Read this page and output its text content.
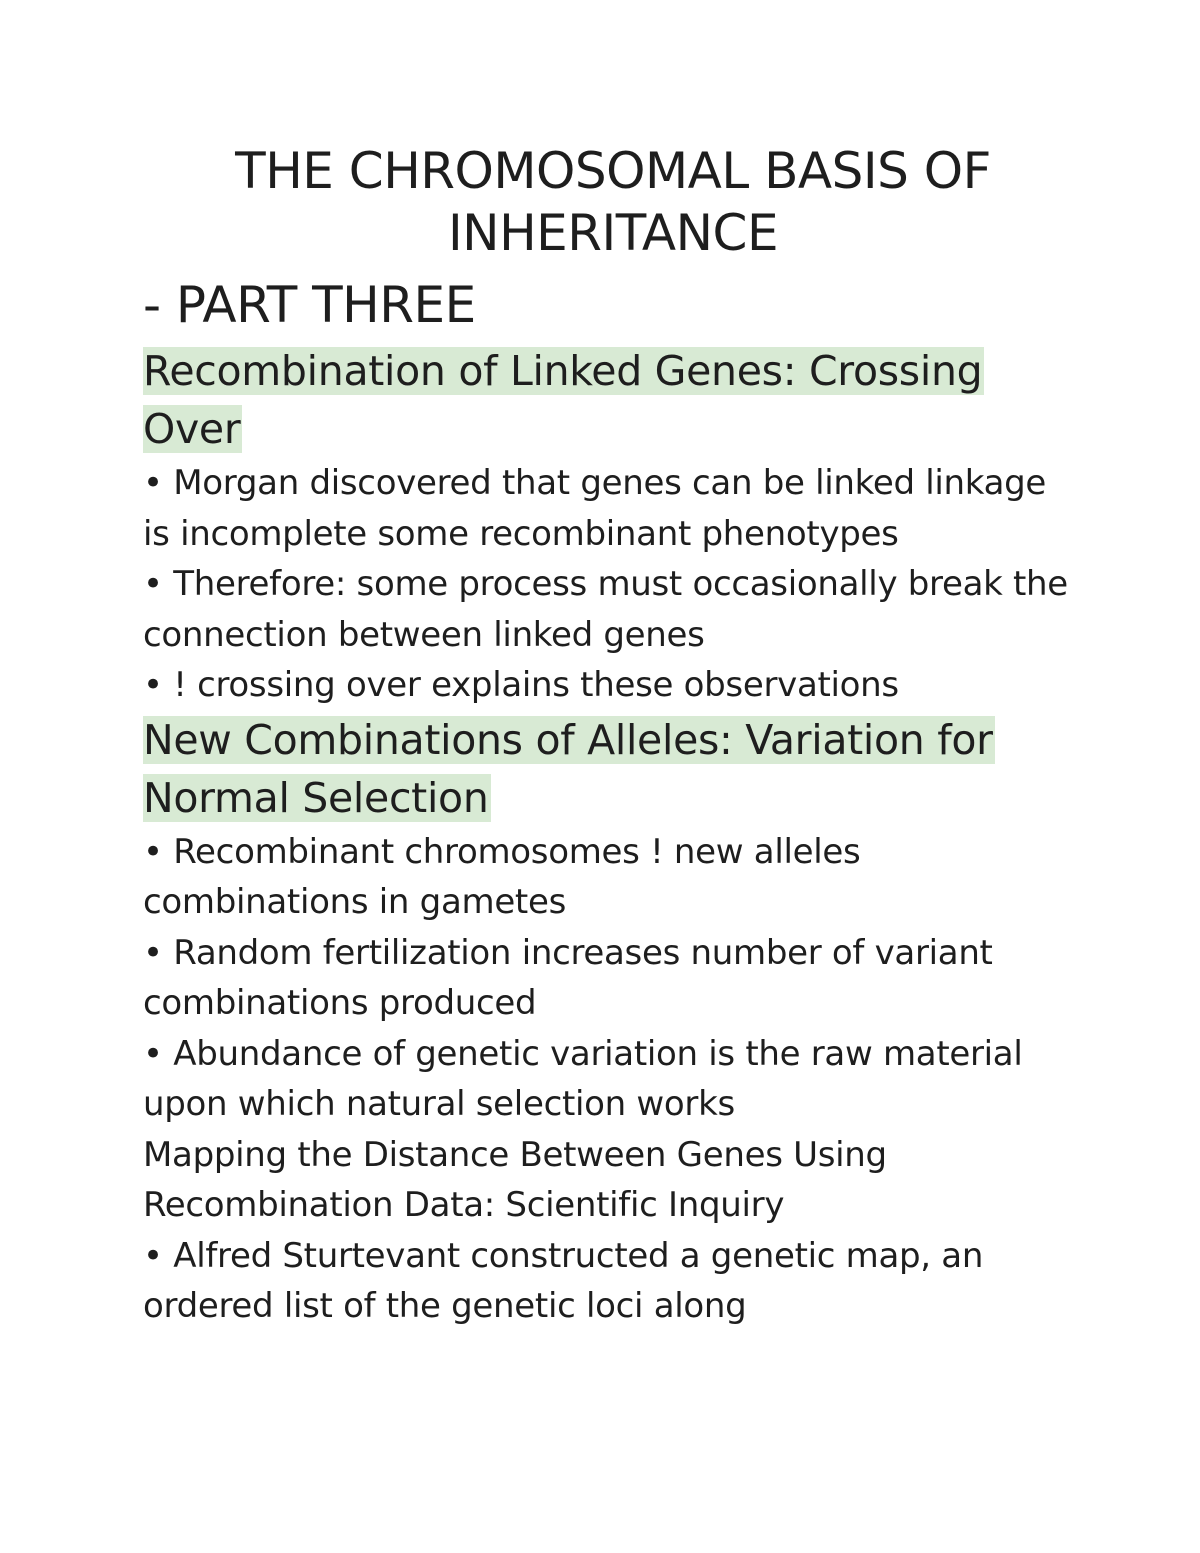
THE CHROMOSOMAL BASIS OF
INHERITANCE
- PART THREE
Recombination of Linked Genes: Crossing Over

• Morgan discovered that genes can be linked linkage is incomplete some recombinant phenotypes

• Therefore: some process must occasionally break the connection between linked genes

• ! crossing over explains these observations

New Combinations of Alleles: Variation for Normal Selection

• Recombinant chromosomes ! new alleles combinations in gametes

• Random fertilization increases number of variant combinations produced

• Abundance of genetic variation is the raw material upon which natural selection works

Mapping the Distance Between Genes Using Recombination Data: Scientific Inquiry

• Alfred Sturtevant constructed a genetic map, an ordered list of the genetic loci along
